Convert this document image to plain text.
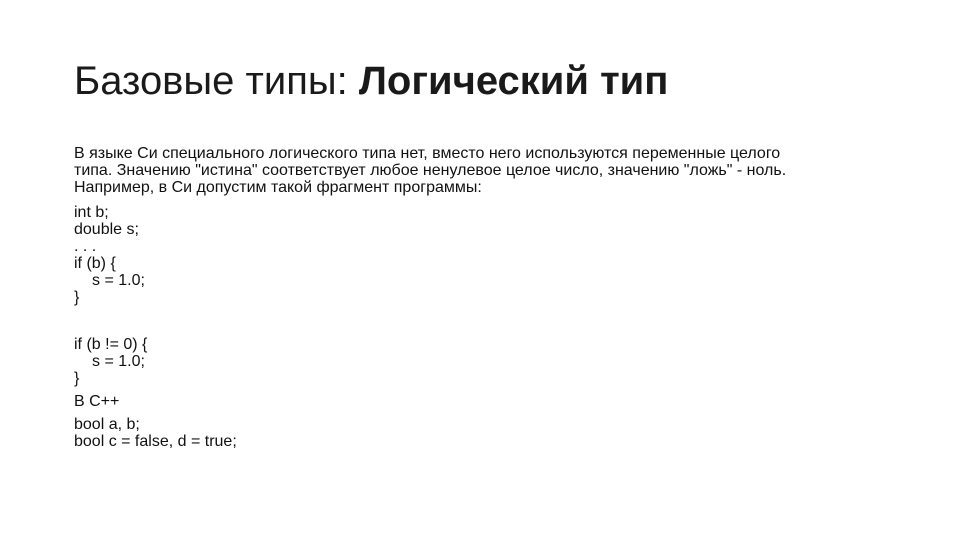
Базовые типы: Логический тип

В языке Си специального логического типа нет, вместо него используются переменные целого

типа. Значению "истина" соответствует любое ненулевое целое число, значению "ложь" - ноль.

Например, в Си допустим такой фрагмент программы:

int b;

double s;

. . .

if (b) {

s = 1.0;

}

if (b != 0) {

s = 1.0;

}

В С++

bool a, b;

bool c = false, d = true;
